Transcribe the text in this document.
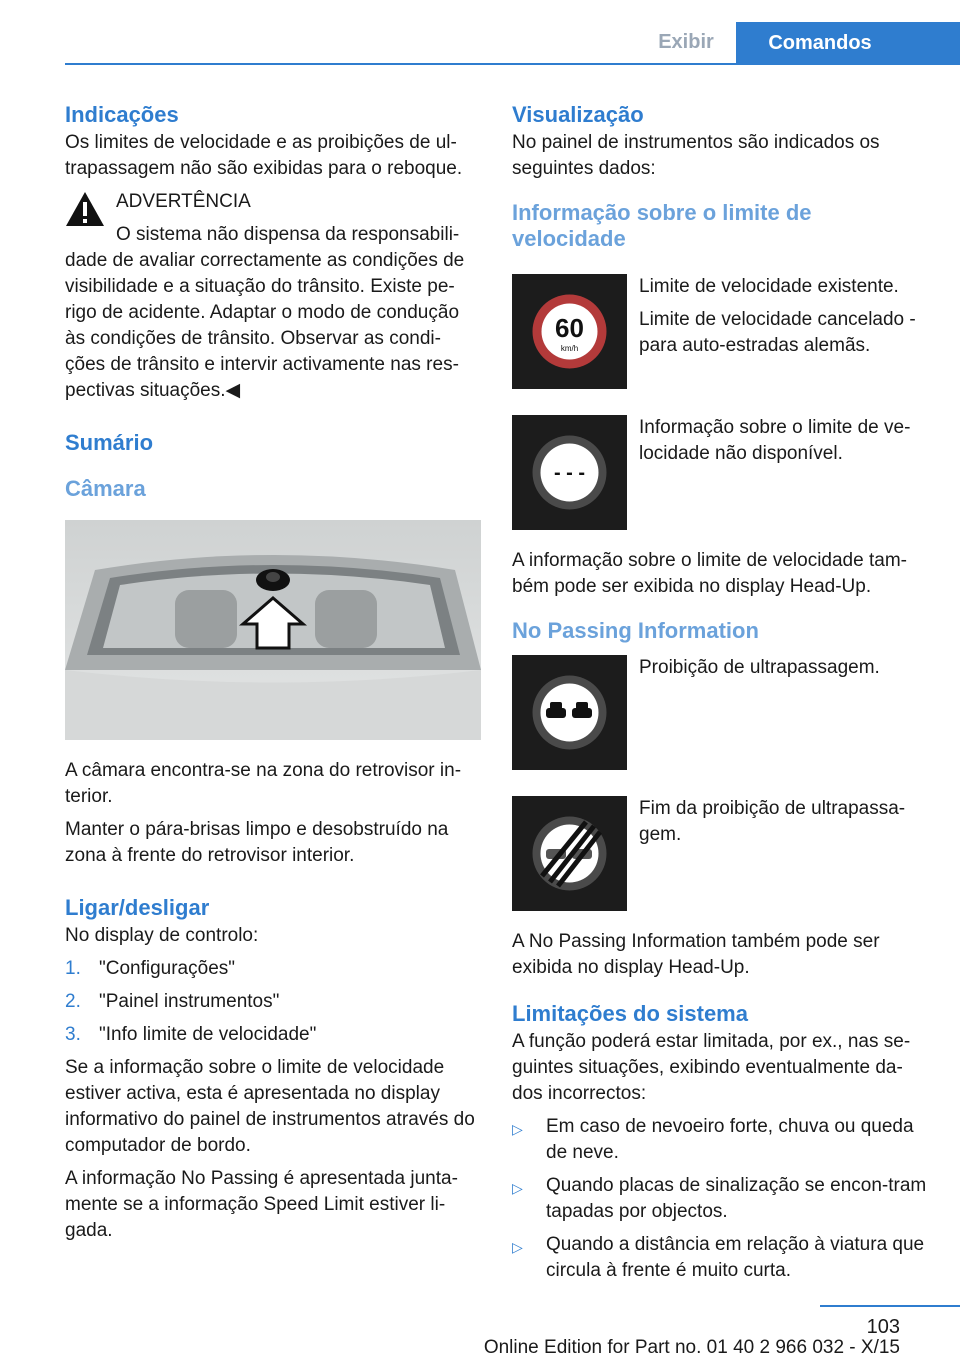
Exibir	Comandos
Indicações

Os limites de velocidade e as proibições de ul-trapassagem não são exibidas para o reboque.

ADVERTÊNCIA

O sistema não dispensa da responsabili-

dade de avaliar correctamente as condições de visibilidade e a situação do trânsito. Existe pe-rigo de acidente. Adaptar o modo de condução às condições de trânsito. Observar as condi-ções de trânsito e intervir activamente nas res-pectivas situações.◀

Sumário
Câmara

A câmara encontra-se na zona do retrovisor in-terior.

Manter o pára-brisas limpo e desobstruído na zona à frente do retrovisor interior.

Ligar/desligar

No display de controlo:

1. "Configurações"
2. "Painel instrumentos"
3. "Info limite de velocidade"

Se a informação sobre o limite de velocidade estiver activa, esta é apresentada no display informativo do painel de instrumentos através do computador de bordo.

A informação No Passing é apresentada junta-mente se a informação Speed Limit estiver li-gada.

Visualização

No painel de instrumentos são indicados os seguintes dados:

Informação sobre o limite de velocidade
60
km/h

Limite de velocidade existente.

Limite de velocidade cancelado - para auto-estradas alemãs.

- - -

Informação sobre o limite de ve-locidade não disponível.

A informação sobre o limite de velocidade tam-bém pode ser exibida no display Head-Up.

No Passing Information

Proibição de ultrapassagem.

Fim da proibição de ultrapassa-gem.

A No Passing Information também pode ser exibida no display Head-Up.

Limitações do sistema

A função poderá estar limitada, por ex., nas se-guintes situações, exibindo eventualmente da-dos incorrectos:

▷	Em caso de nevoeiro forte, chuva ou queda de neve.
▷	Quando placas de sinalização se encon-tram tapadas por objectos.
▷	Quando a distância em relação à viatura que circula à frente é muito curta.
103
Online Edition for Part no. 01 40 2 966 032 - X/15
